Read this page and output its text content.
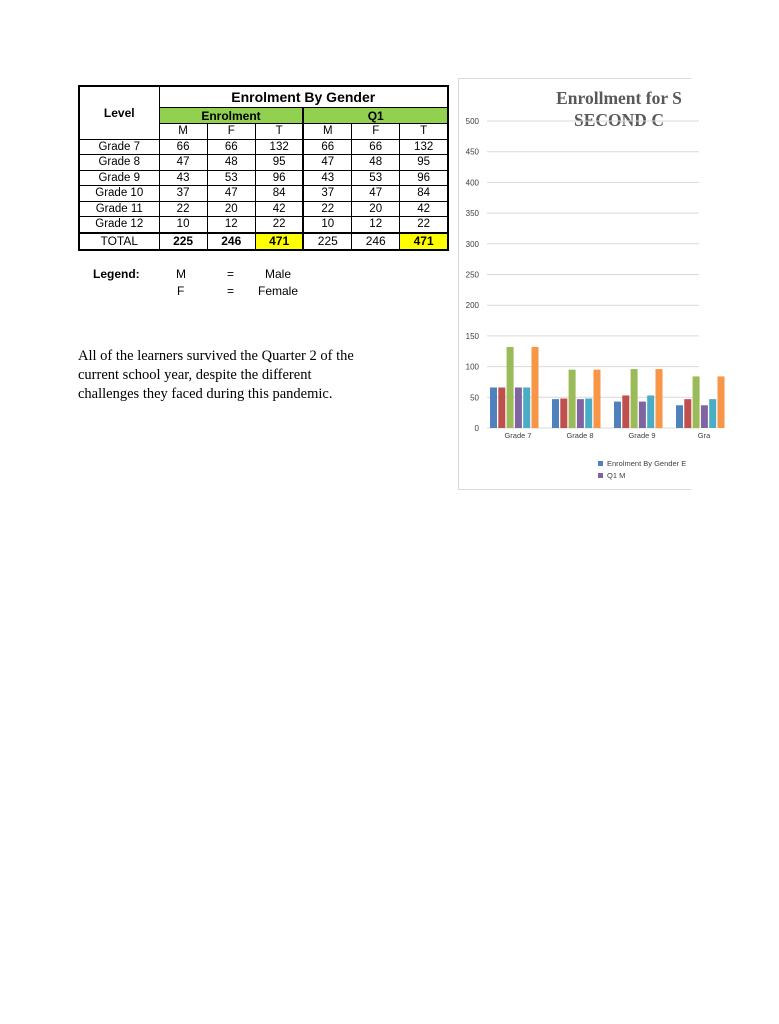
Level	Enrolment By Gender					
	Enrolment			Q1		
	M	F	T	M	F	T
Grade 7	66	66	132	66	66	132
Grade 8	47	48	95	47	48	95
Grade 9	43	53	96	43	53	96
Grade 10	37	47	84	37	47	84
Grade 11	22	20	42	22	20	42
Grade 12	10	12	22	10	12	22
TOTAL	225	246	471	225	246	471
Legend:	M	=	Male
F	= Female

All of the learners survived the Quarter 2 of the current school year, despite the different challenges they faced during this pandemic.

Enrollment for S
SECOND C
0
50
100
150
200
250
300
350
400
450
500
Grade 7	Grade 8	Grade 9	Gra
Enrolment By Gender E
Q1 M
